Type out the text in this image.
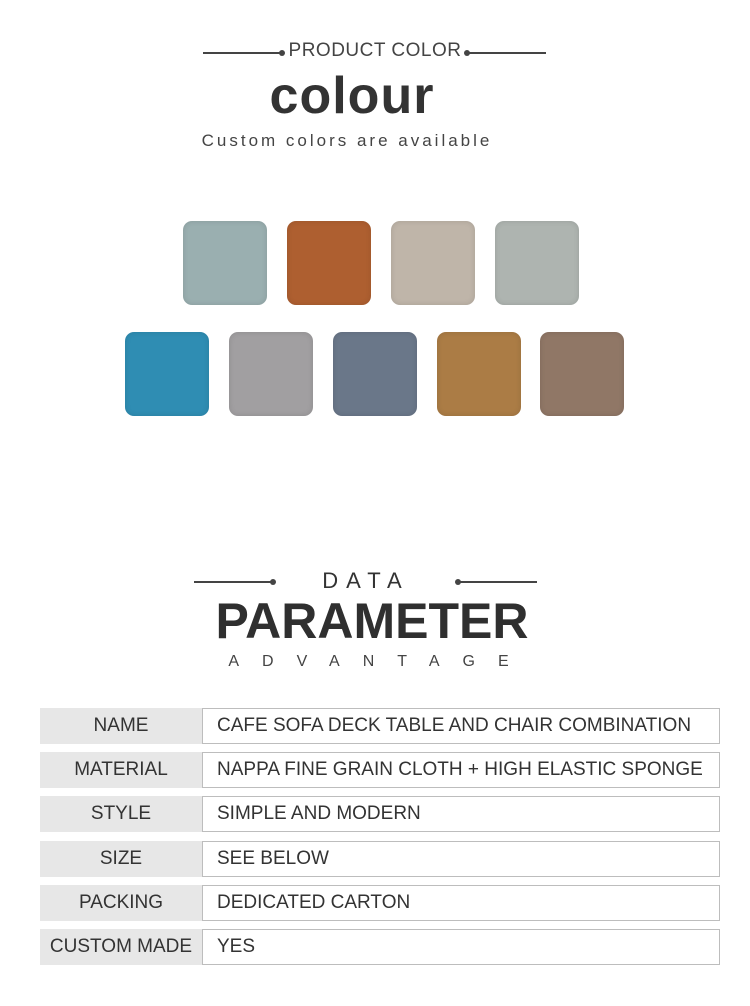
PRODUCT COLOR
colour
Custom colors are available
DATA
PARAMETER
ADVANTAGE
NAME	CAFE SOFA DECK TABLE AND CHAIR COMBINATION
MATERIAL	NAPPA FINE GRAIN CLOTH + HIGH ELASTIC SPONGE
STYLE	SIMPLE AND MODERN
SIZE	SEE BELOW
PACKING	DEDICATED CARTON
CUSTOM MADE	YES
